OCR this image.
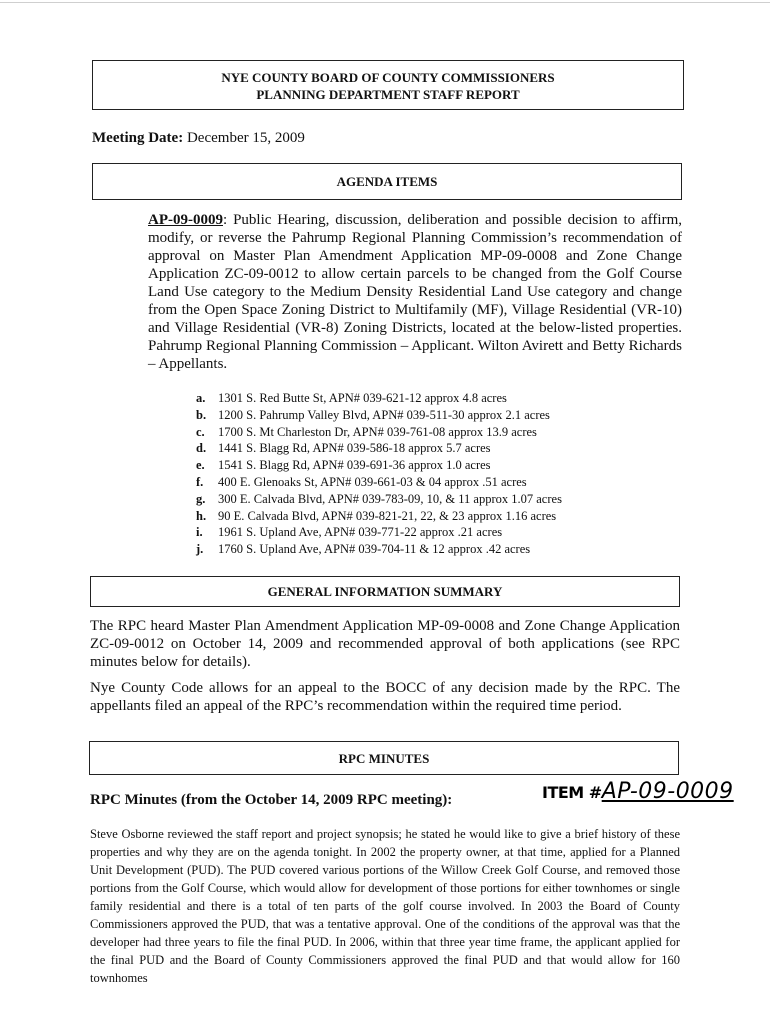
NYE COUNTY BOARD OF COUNTY COMMISSIONERS
PLANNING DEPARTMENT STAFF REPORT
Meeting Date: December 15, 2009
AGENDA ITEMS
AP-09-0009: Public Hearing, discussion, deliberation and possible decision to affirm, modify, or reverse the Pahrump Regional Planning Commission’s recommendation of approval on Master Plan Amendment Application MP-09-0008 and Zone Change Application ZC-09-0012 to allow certain parcels to be changed from the Golf Course Land Use category to the Medium Density Residential Land Use category and change from the Open Space Zoning District to Multifamily (MF), Village Residential (VR-10) and Village Residential (VR-8) Zoning Districts, located at the below-listed properties. Pahrump Regional Planning Commission – Applicant. Wilton Avirett and Betty Richards – Appellants.
a. 1301 S. Red Butte St, APN# 039-621-12 approx 4.8 acres
b. 1200 S. Pahrump Valley Blvd, APN# 039-511-30 approx 2.1 acres
c. 1700 S. Mt Charleston Dr, APN# 039-761-08 approx 13.9 acres
d. 1441 S. Blagg Rd, APN# 039-586-18 approx 5.7 acres
e. 1541 S. Blagg Rd, APN# 039-691-36 approx 1.0 acres
f. 400 E. Glenoaks St, APN# 039-661-03 & 04 approx .51 acres
g. 300 E. Calvada Blvd, APN# 039-783-09, 10, & 11 approx 1.07 acres
h. 90 E. Calvada Blvd, APN# 039-821-21, 22, & 23 approx 1.16 acres
i. 1961 S. Upland Ave, APN# 039-771-22 approx .21 acres
j. 1760 S. Upland Ave, APN# 039-704-11 & 12 approx .42 acres
GENERAL INFORMATION SUMMARY
The RPC heard Master Plan Amendment Application MP-09-0008 and Zone Change Application ZC-09-0012 on October 14, 2009 and recommended approval of both applications (see RPC minutes below for details).
Nye County Code allows for an appeal to the BOCC of any decision made by the RPC. The appellants filed an appeal of the RPC’s recommendation within the required time period.
RPC MINUTES
RPC Minutes (from the October 14, 2009 RPC meeting):	ITEM #AP-09-0009
Steve Osborne reviewed the staff report and project synopsis; he stated he would like to give a brief history of these properties and why they are on the agenda tonight. In 2002 the property owner, at that time, applied for a Planned Unit Development (PUD). The PUD covered various portions of the Willow Creek Golf Course, and removed those portions from the Golf Course, which would allow for development of those portions for either townhomes or single family residential and there is a total of ten parts of the golf course involved. In 2003 the Board of County Commissioners approved the PUD, that was a tentative approval. One of the conditions of the approval was that the developer had three years to file the final PUD. In 2006, within that three year time frame, the applicant applied for the final PUD and the Board of County Commissioners approved the final PUD and that would allow for 160 townhomes
